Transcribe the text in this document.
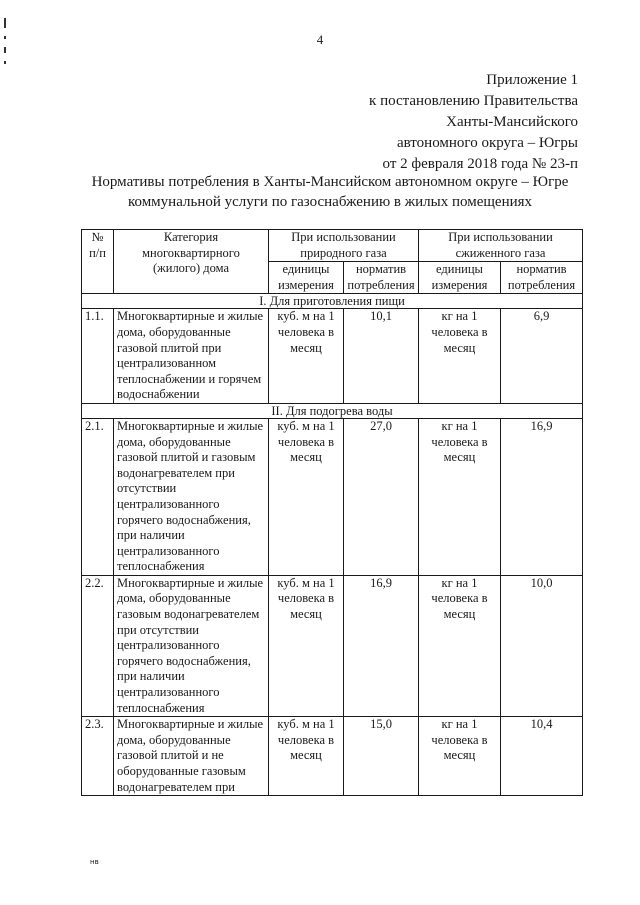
4
Приложение 1
к постановлению Правительства
Ханты-Мансийского
автономного округа – Югры
от 2 февраля 2018 года № 23-п
Нормативы потребления в Ханты-Мансийском автономном округе – Югре
коммунальной услуги по газоснабжению в жилых помещениях
№ п/п	Категория многоквартирного (жилого) дома	При использовании природного газа		При использовании сжиженного газа	
		единицы измерения	норматив потребления	единицы измерения	норматив потребления
I. Для приготовления пищи					
1.1.	Многоквартирные и жилые дома, оборудованные газовой плитой при централизованном теплоснабжении и горячем водоснабжении	куб. м на 1 человека в месяц	10,1	кг на 1 человека в месяц	6,9
II. Для подогрева воды					
2.1.	Многоквартирные и жилые дома, оборудованные газовой плитой и газовым водонагревателем при отсутствии централизованного горячего водоснабжения, при наличии централизованного теплоснабжения	куб. м на 1 человека в месяц	27,0	кг на 1 человека в месяц	16,9
2.2.	Многоквартирные и жилые дома, оборудованные газовым водонагревателем при отсутствии централизованного горячего водоснабжения, при наличии централизованного теплоснабжения	куб. м на 1 человека в месяц	16,9	кг на 1 человека в месяц	10,0
2.3.	Многоквартирные и жилые дома, оборудованные газовой плитой и не оборудованные газовым водонагревателем при	куб. м на 1 человека в месяц	15,0	кг на 1 человека в месяц	10,4
нв
